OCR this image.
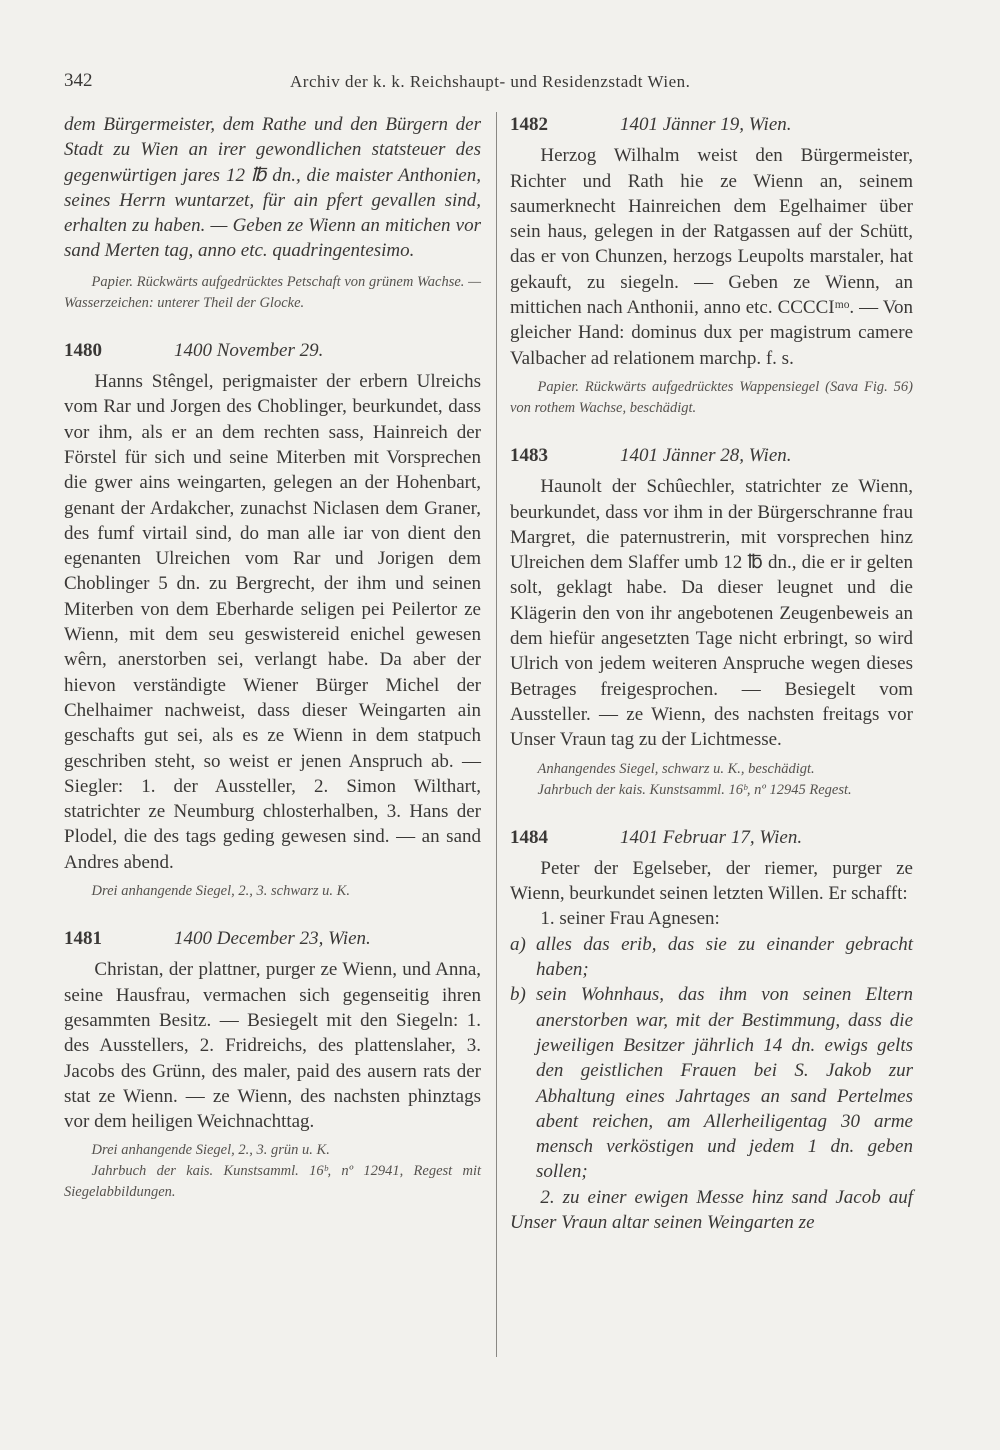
342	Archiv der k. k. Reichshaupt- und Residenzstadt Wien.

dem Bürgermeister, dem Rathe und den Bürgern der Stadt zu Wien an irer gewondlichen statsteuer des gegenwürtigen jares 12 ℔ dn., die maister Anthonien, seines Herrn wuntarzet, für ain pfert gevallen sind, erhalten zu haben. — Geben ze Wienn an mitichen vor sand Merten tag, anno etc. quadringentesimo.

Papier. Rückwärts aufgedrücktes Petschaft von grünem Wachse. — Wasserzeichen: unterer Theil der Glocke.

1480	1400 November 29.

Hanns Stêngel, perigmaister der erbern Ulreichs vom Rar und Jorgen des Choblinger, beurkundet, dass vor ihm, als er an dem rechten sass, Hainreich der Förstel für sich und seine Miterben mit Vorsprechen die gwer ains weingarten, gelegen an der Hohenbart, genant der Ardakcher, zunachst Niclasen dem Graner, des fumf virtail sind, do man alle iar von dient den egenanten Ulreichen vom Rar und Jorigen dem Choblinger 5 dn. zu Bergrecht, der ihm und seinen Miterben von dem Eberharde seligen pei Peilertor ze Wienn, mit dem seu geswistereid enichel gewesen wêrn, anerstorben sei, verlangt habe. Da aber der hievon verständigte Wiener Bürger Michel der Chelhaimer nachweist, dass dieser Weingarten ain geschafts gut sei, als es ze Wienn in dem statpuch geschriben steht, so weist er jenen Anspruch ab. — Siegler: 1. der Aussteller, 2. Simon Wilthart, statrichter ze Neumburg chlosterhalben, 3. Hans der Plodel, die des tags geding gewesen sind. — an sand Andres abend.

Drei anhangende Siegel, 2., 3. schwarz u. K.

1481	1400 December 23, Wien.

Christan, der plattner, purger ze Wienn, und Anna, seine Hausfrau, vermachen sich gegenseitig ihren gesammten Besitz. — Besiegelt mit den Siegeln: 1. des Ausstellers, 2. Fridreichs, des plattenslaher, 3. Jacobs des Grünn, des maler, paid des ausern rats der stat ze Wienn. — ze Wienn, des nachsten phinztags vor dem heiligen Weichnachttag.

Drei anhangende Siegel, 2., 3. grün u. K.

Jahrbuch der kais. Kunstsamml. 16ᵇ, nº 12941, Regest mit Siegelabbildungen.

1482	1401 Jänner 19, Wien.

Herzog Wilhalm weist den Bürgermeister, Richter und Rath hie ze Wienn an, seinem saumerknecht Hainreichen dem Egelhaimer über sein haus, gelegen in der Ratgassen auf der Schütt, das er von Chunzen, herzogs Leupolts marstaler, hat gekauft, zu siegeln. — Geben ze Wienn, an mittichen nach Anthonii, anno etc. CCCCIᵐᵒ. — Von gleicher Hand: dominus dux per magistrum camere Valbacher ad relationem marchp. f. s.

Papier. Rückwärts aufgedrücktes Wappensiegel (Sava Fig. 56) von rothem Wachse, beschädigt.

1483	1401 Jänner 28, Wien.

Haunolt der Schûechler, statrichter ze Wienn, beurkundet, dass vor ihm in der Bürgerschranne frau Margret, die paternustrerin, mit vorsprechen hinz Ulreichen dem Slaffer umb 12 ℔ dn., die er ir gelten solt, geklagt habe. Da dieser leugnet und die Klägerin den von ihr angebotenen Zeugenbeweis an dem hiefür angesetzten Tage nicht erbringt, so wird Ulrich von jedem weiteren Anspruche wegen dieses Betrages freigesprochen. — Besiegelt vom Aussteller. — ze Wienn, des nachsten freitags vor Unser Vraun tag zu der Lichtmesse.

Anhangendes Siegel, schwarz u. K., beschädigt.

Jahrbuch der kais. Kunstsamml. 16ᵇ, nº 12945 Regest.

1484	1401 Februar 17, Wien.

Peter der Egelseber, der riemer, purger ze Wienn, beurkundet seinen letzten Willen. Er schafft:

1. seiner Frau Agnesen:

a) alles das erib, das sie zu einander gebracht haben;
b) sein Wohnhaus, das ihm von seinen Eltern anerstorben war, mit der Bestimmung, dass die jeweiligen Besitzer jährlich 14 dn. ewigs gelts den geistlichen Frauen bei S. Jakob zur Abhaltung eines Jahrtages an sand Pertelmes abent reichen, am Allerheiligentag 30 arme mensch verköstigen und jedem 1 dn. geben sollen;

2. zu einer ewigen Messe hinz sand Jacob auf Unser Vraun altar seinen Weingarten ze
